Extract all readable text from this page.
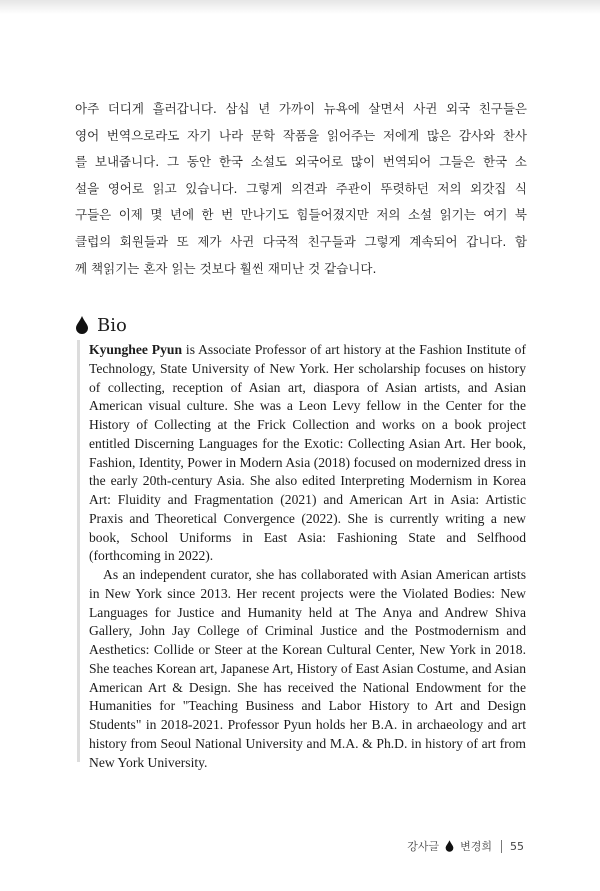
아주 더디게 흘러갑니다. 삼십 년 가까이 뉴욕에 살면서 사귄 외국 친구들은
영어 번역으로라도 자기 나라 문학 작품을 읽어주는 저에게 많은 감사와 찬사
를 보내줍니다. 그 동안 한국 소설도 외국어로 많이 번역되어 그들은 한국 소
설을 영어로 읽고 있습니다. 그렇게 의견과 주관이 뚜렷하던 저의 외갓집 식
구들은 이제 몇 년에 한 번 만나기도 힘들어졌지만 저의 소설 읽기는 여기 북
클럽의 회원들과 또 제가 사귄 다국적 친구들과 그렇게 계속되어 갑니다. 함
께 책읽기는 혼자 읽는 것보다 훨씬 재미난 것 같습니다.
Bio

Kyunghee Pyun is Associate Professor of art history at the Fashion Institute of Technology, State University of New York. Her scholarship focuses on history of collecting, reception of Asian art, diaspora of Asian artists, and Asian American visual culture. She was a Leon Levy fellow in the Center for the History of Collecting at the Frick Collection and works on a book project entitled Discerning Languages for the Exotic: Collecting Asian Art. Her book, Fashion, Identity, Power in Modern Asia (2018) focused on modernized dress in the early 20th-century Asia. She also edited Interpreting Modernism in Korea Art: Fluidity and Fragmentation (2021) and American Art in Asia: Artistic Praxis and Theoretical Convergence (2022). She is currently writing a new book, School Uniforms in East Asia: Fashioning State and Selfhood (forthcoming in 2022).

As an independent curator, she has collaborated with Asian American artists in New York since 2013. Her recent projects were the Violated Bodies: New Languages for Justice and Humanity held at The Anya and Andrew Shiva Gallery, John Jay College of Criminal Justice and the Postmodernism and Aesthetics: Collide or Steer at the Korean Cultural Center, New York in 2018. She teaches Korean art, Japanese Art, History of East Asian Costume, and Asian American Art & Design. She has received the National Endowment for the Humanities for "Teaching Business and Labor History to Art and Design Students" in 2018-2021. Professor Pyun holds her B.A. in archaeology and art history from Seoul National University and M.A. & Ph.D. in history of art from New York University.

강사글 변경희 55
